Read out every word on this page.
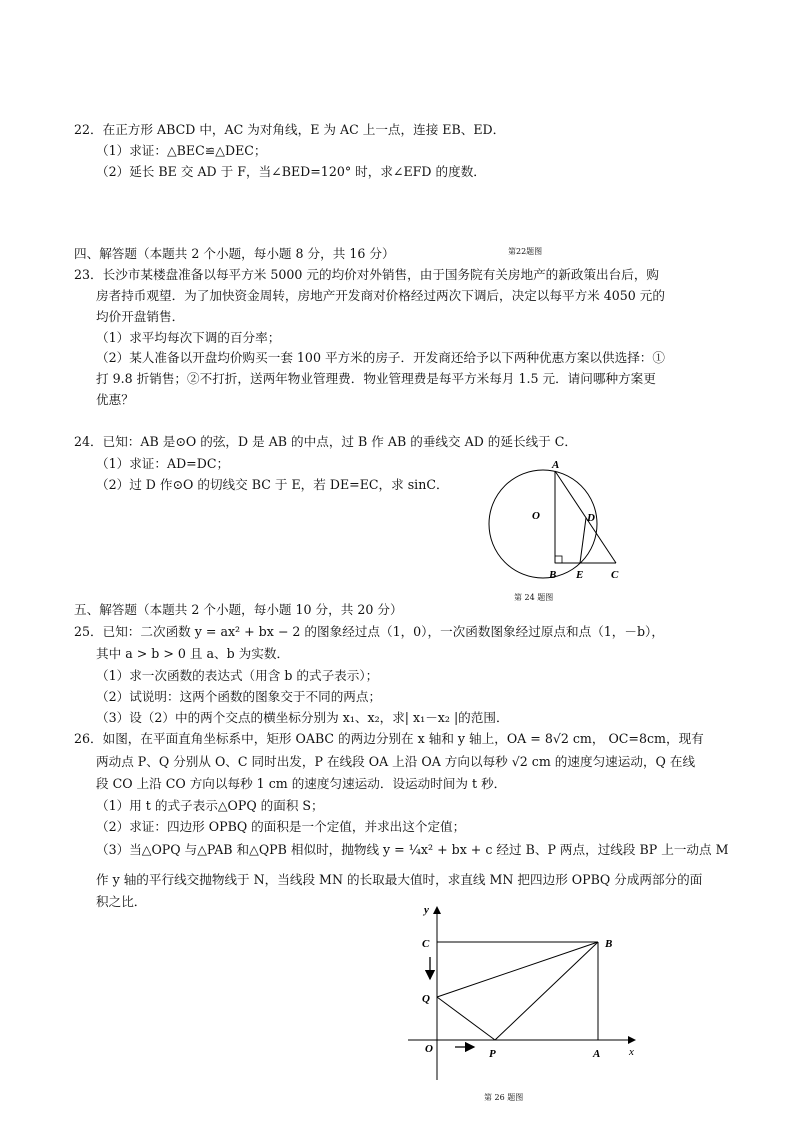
22．在正方形 ABCD 中，AC 为对角线，E 为 AC 上一点，连接 EB、ED．
（1）求证：△BEC≌△DEC；
（2）延长 BE 交 AD 于 F，当∠BED=120° 时，求∠EFD 的度数．
四、解答题（本题共 2 个小题，每小题 8 分，共 16 分）	第22题图
23．长沙市某楼盘准备以每平方米 5000 元的均价对外销售，由于国务院有关房地产的新政策出台后，购
房者持币观望．为了加快资金周转，房地产开发商对价格经过两次下调后，决定以每平方米 4050 元的
均价开盘销售．
（1）求平均每次下调的百分率；
（2）某人准备以开盘均价购买一套 100 平方米的房子．开发商还给予以下两种优惠方案以供选择：①
打 9.8 折销售；②不打折，送两年物业管理费．物业管理费是每平方米每月 1.5 元．请问哪种方案更
优惠？
24．已知：AB 是⊙O 的弦，D 是 AB 的中点，过 B 作 AB 的垂线交 AD 的延长线于 C．
（1）求证：AD=DC；
（2）过 D 作⊙O 的切线交 BC 于 E，若 DE=EC，求 sinC．
A
O	D
B E	C
第 24 题图
五、解答题（本题共 2 个小题，每小题 10 分，共 20 分）
25．已知：二次函数 y = ax² + bx − 2 的图象经过点（1，0），一次函数图象经过原点和点（1，－b），
其中 a > b > 0 且 a、b 为实数．
（1）求一次函数的表达式（用含 b 的式子表示）；
（2）试说明：这两个函数的图象交于不同的两点；
（3）设（2）中的两个交点的横坐标分别为 x₁、x₂，求| x₁－x₂ |的范围．
26．如图，在平面直角坐标系中，矩形 OABC 的两边分别在 x 轴和 y 轴上，OA = 8√2 cm， OC=8cm，现有
两动点 P、Q 分别从 O、C 同时出发，P 在线段 OA 上沿 OA 方向以每秒 √2 cm 的速度匀速运动，Q 在线
段 CO 上沿 CO 方向以每秒 1 cm 的速度匀速运动．设运动时间为 t 秒．
（1）用 t 的式子表示△OPQ 的面积 S；
（2）求证：四边形 OPBQ 的面积是一个定值，并求出这个定值；
（3）当△OPQ 与△PAB 和△QPB 相似时，抛物线 y = ¼x² + bx + c 经过 B、P 两点，过线段 BP 上一动点 M
作 y 轴的平行线交抛物线于 N，当线段 MN 的长取最大值时，求直线 MN 把四边形 OPBQ 分成两部分的面
积之比．
y
x
C	B
Q
O	P	A
第 26 题图
